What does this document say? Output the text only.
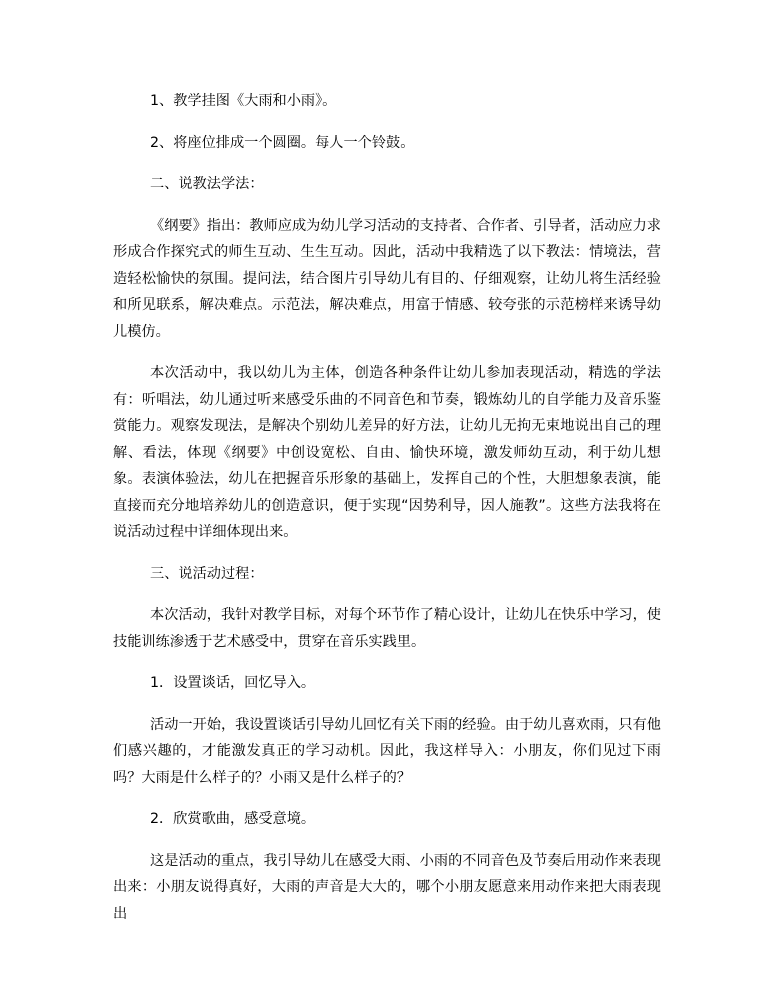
1、教学挂图《大雨和小雨》。

2、将座位排成一个圆圈。每人一个铃鼓。

二、说教法学法：

《纲要》指出：教师应成为幼儿学习活动的支持者、合作者、引导者，活动应力求形成合作探究式的师生互动、生生互动。因此，活动中我精选了以下教法：情境法，营造轻松愉快的氛围。提问法，结合图片引导幼儿有目的、仔细观察，让幼儿将生活经验和所见联系，解决难点。示范法，解决难点，用富于情感、较夸张的示范榜样来诱导幼儿模仿。

本次活动中，我以幼儿为主体，创造各种条件让幼儿参加表现活动，精选的学法有：听唱法，幼儿通过听来感受乐曲的不同音色和节奏，锻炼幼儿的自学能力及音乐鉴赏能力。观察发现法，是解决个别幼儿差异的好方法，让幼儿无拘无束地说出自己的理解、看法，体现《纲要》中创设宽松、自由、愉快环境，激发师幼互动，利于幼儿想象。表演体验法，幼儿在把握音乐形象的基础上，发挥自己的个性，大胆想象表演，能直接而充分地培养幼儿的创造意识，便于实现“因势利导，因人施教”。这些方法我将在说活动过程中详细体现出来。

三、说活动过程：

本次活动，我针对教学目标，对每个环节作了精心设计，让幼儿在快乐中学习，使技能训练渗透于艺术感受中，贯穿在音乐实践里。

1．设置谈话，回忆导入。

活动一开始，我设置谈话引导幼儿回忆有关下雨的经验。由于幼儿喜欢雨，只有他们感兴趣的，才能激发真正的学习动机。因此，我这样导入：小朋友，你们见过下雨吗？大雨是什么样子的？小雨又是什么样子的？

2．欣赏歌曲，感受意境。

这是活动的重点，我引导幼儿在感受大雨、小雨的不同音色及节奏后用动作来表现出来：小朋友说得真好，大雨的声音是大大的，哪个小朋友愿意来用动作来把大雨表现出
